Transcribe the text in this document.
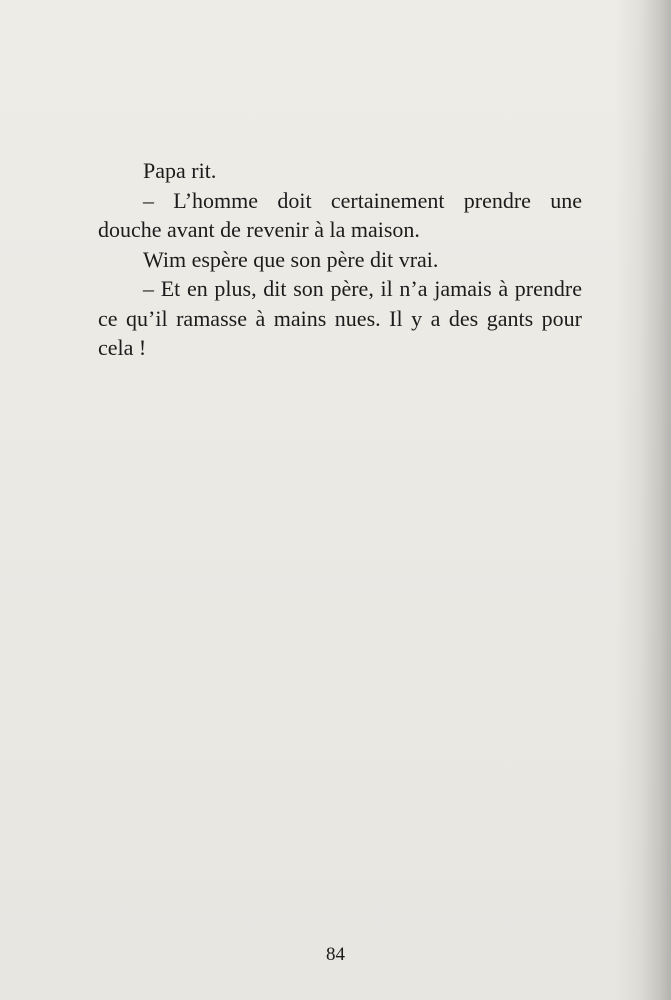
Papa rit.

– L’homme doit certainement prendre une douche avant de revenir à la maison.

Wim espère que son père dit vrai.

– Et en plus, dit son père, il n’a jamais à prendre ce qu’il ramasse à mains nues. Il y a des gants pour cela !

84
